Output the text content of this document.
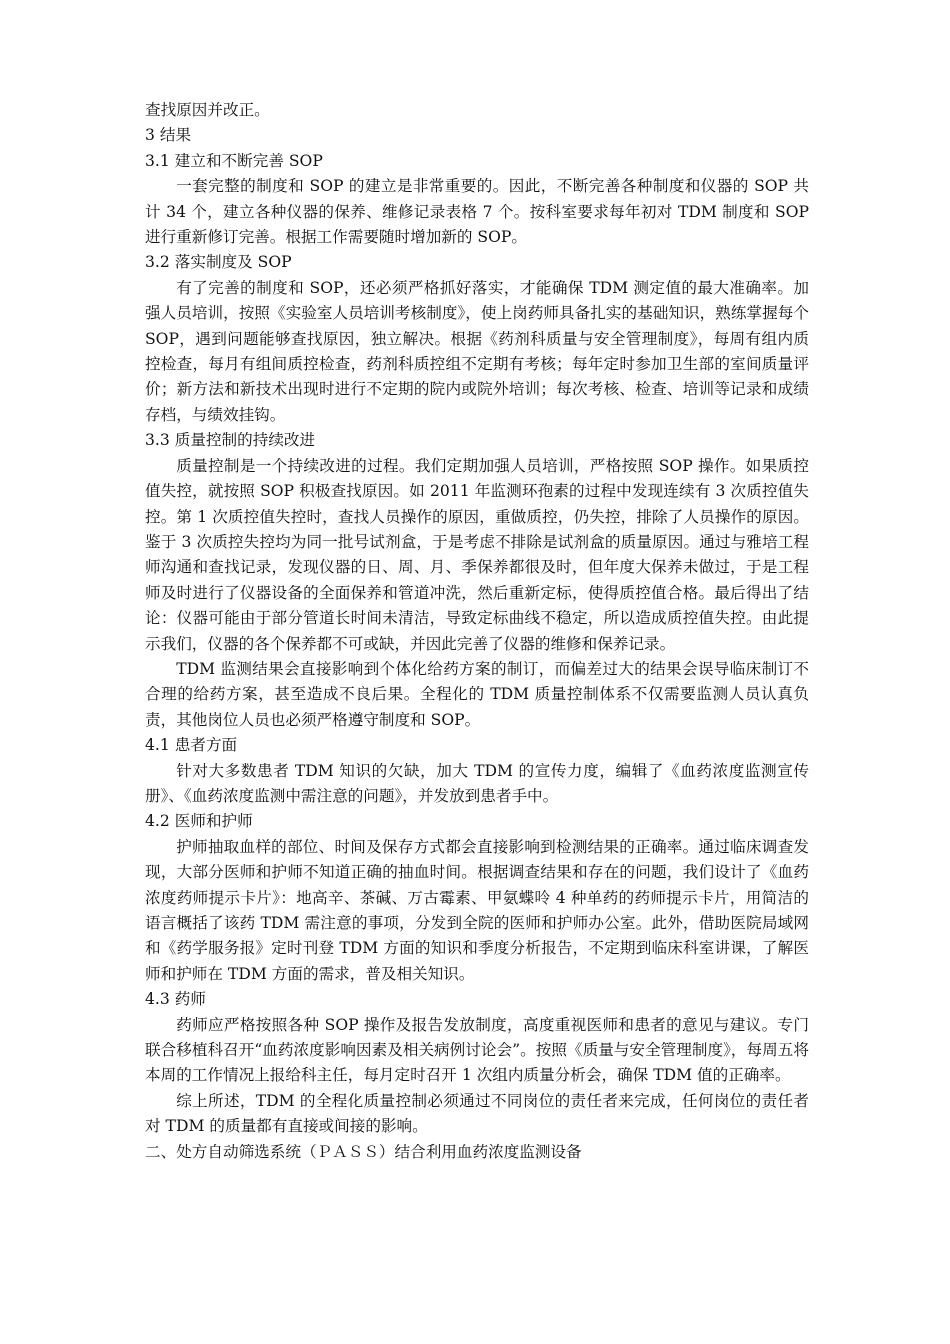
查找原因并改正。

3 结果

3.1 建立和不断完善 SOP

一套完整的制度和 SOP 的建立是非常重要的。因此，不断完善各种制度和仪器的 SOP 共计 34 个，建立各种仪器的保养、维修记录表格 7 个。按科室要求每年初对 TDM 制度和 SOP 进行重新修订完善。根据工作需要随时增加新的 SOP。

3.2 落实制度及 SOP

有了完善的制度和 SOP，还必须严格抓好落实，才能确保 TDM 测定值的最大准确率。加强人员培训，按照《实验室人员培训考核制度》，使上岗药师具备扎实的基础知识，熟练掌握每个 SOP，遇到问题能够查找原因，独立解决。根据《药剂科质量与安全管理制度》，每周有组内质控检查，每月有组间质控检查，药剂科质控组不定期有考核；每年定时参加卫生部的室间质量评价；新方法和新技术出现时进行不定期的院内或院外培训；每次考核、检查、培训等记录和成绩存档，与绩效挂钩。

3.3 质量控制的持续改进

质量控制是一个持续改进的过程。我们定期加强人员培训，严格按照 SOP 操作。如果质控值失控，就按照 SOP 积极查找原因。如 2011 年监测环孢素的过程中发现连续有 3 次质控值失控。第 1 次质控值失控时，查找人员操作的原因，重做质控，仍失控，排除了人员操作的原因。鉴于 3 次质控失控均为同一批号试剂盒，于是考虑不排除是试剂盒的质量原因。通过与雅培工程师沟通和查找记录，发现仪器的日、周、月、季保养都很及时，但年度大保养未做过，于是工程师及时进行了仪器设备的全面保养和管道冲洗，然后重新定标，使得质控值合格。最后得出了结论：仪器可能由于部分管道长时间未清洁，导致定标曲线不稳定，所以造成质控值失控。由此提示我们，仪器的各个保养都不可或缺，并因此完善了仪器的维修和保养记录。

TDM 监测结果会直接影响到个体化给药方案的制订，而偏差过大的结果会误导临床制订不合理的给药方案，甚至造成不良后果。全程化的 TDM 质量控制体系不仅需要监测人员认真负责，其他岗位人员也必须严格遵守制度和 SOP。

4.1 患者方面

针对大多数患者 TDM 知识的欠缺，加大 TDM 的宣传力度，编辑了《血药浓度监测宣传册》、《血药浓度监测中需注意的问题》，并发放到患者手中。

4.2 医师和护师

护师抽取血样的部位、时间及保存方式都会直接影响到检测结果的正确率。通过临床调查发现，大部分医师和护师不知道正确的抽血时间。根据调查结果和存在的问题，我们设计了《血药浓度药师提示卡片》：地高辛、茶碱、万古霉素、甲氨蝶呤 4 种单药的药师提示卡片，用简洁的语言概括了该药 TDM 需注意的事项，分发到全院的医师和护师办公室。此外，借助医院局域网和《药学服务报》定时刊登 TDM 方面的知识和季度分析报告，不定期到临床科室讲课，了解医师和护师在 TDM 方面的需求，普及相关知识。

4.3 药师

药师应严格按照各种 SOP 操作及报告发放制度，高度重视医师和患者的意见与建议。专门联合移植科召开“血药浓度影响因素及相关病例讨论会”。按照《质量与安全管理制度》，每周五将本周的工作情况上报给科主任，每月定时召开 1 次组内质量分析会，确保 TDM 值的正确率。

综上所述，TDM 的全程化质量控制必须通过不同岗位的责任者来完成，任何岗位的责任者对 TDM 的质量都有直接或间接的影响。

二、处方自动筛选系统（ＰＡＳＳ）结合利用血药浓度监测设备
